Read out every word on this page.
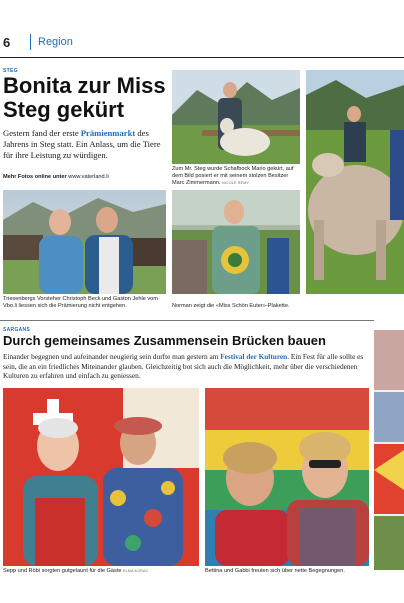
6	Region
STEG
Bonita zur Miss
Steg gekürt
Gestern fand der erste Prämienmarkt des Jahrens in Steg statt. Ein Anlass, um die Tiere für ihre Leistung zu würdigen.
Mehr Fotos online unter www.vaterland.li
Triesenbergs Vorsteher Christoph Beck und Gaston Jehle vom Vbo.li liessen sich die Prämierung nicht entgehen.
Zum Mr. Steg wurde Schafbock Mario gekürt, auf dem Bild posiert er mit seinem stolzen Besitzer Marc Zimmermann. NICOLE REMY
Norman zeigt die «Miss Schön Euter»-Plakette.
SARGANS
Durch gemeinsames Zusammensein Brücken bauen
Einander begegnen und aufeinander neugierig sein durfte man gestern am Festival der Kulturen. Ein Fest für alle sollte es sein, die an ein friedliches Miteinander glauben. Gleichzeitig bot sich auch die Möglichkeit, mehr über die verschiedenen Kulturen zu erfahren und einfach zu geniessen.
Sepp und Röbi sorgten gutgelaunt für die Gäste ELMA KORAC	Bettina und Gabbi freuten sich über nette Begegnungen.
